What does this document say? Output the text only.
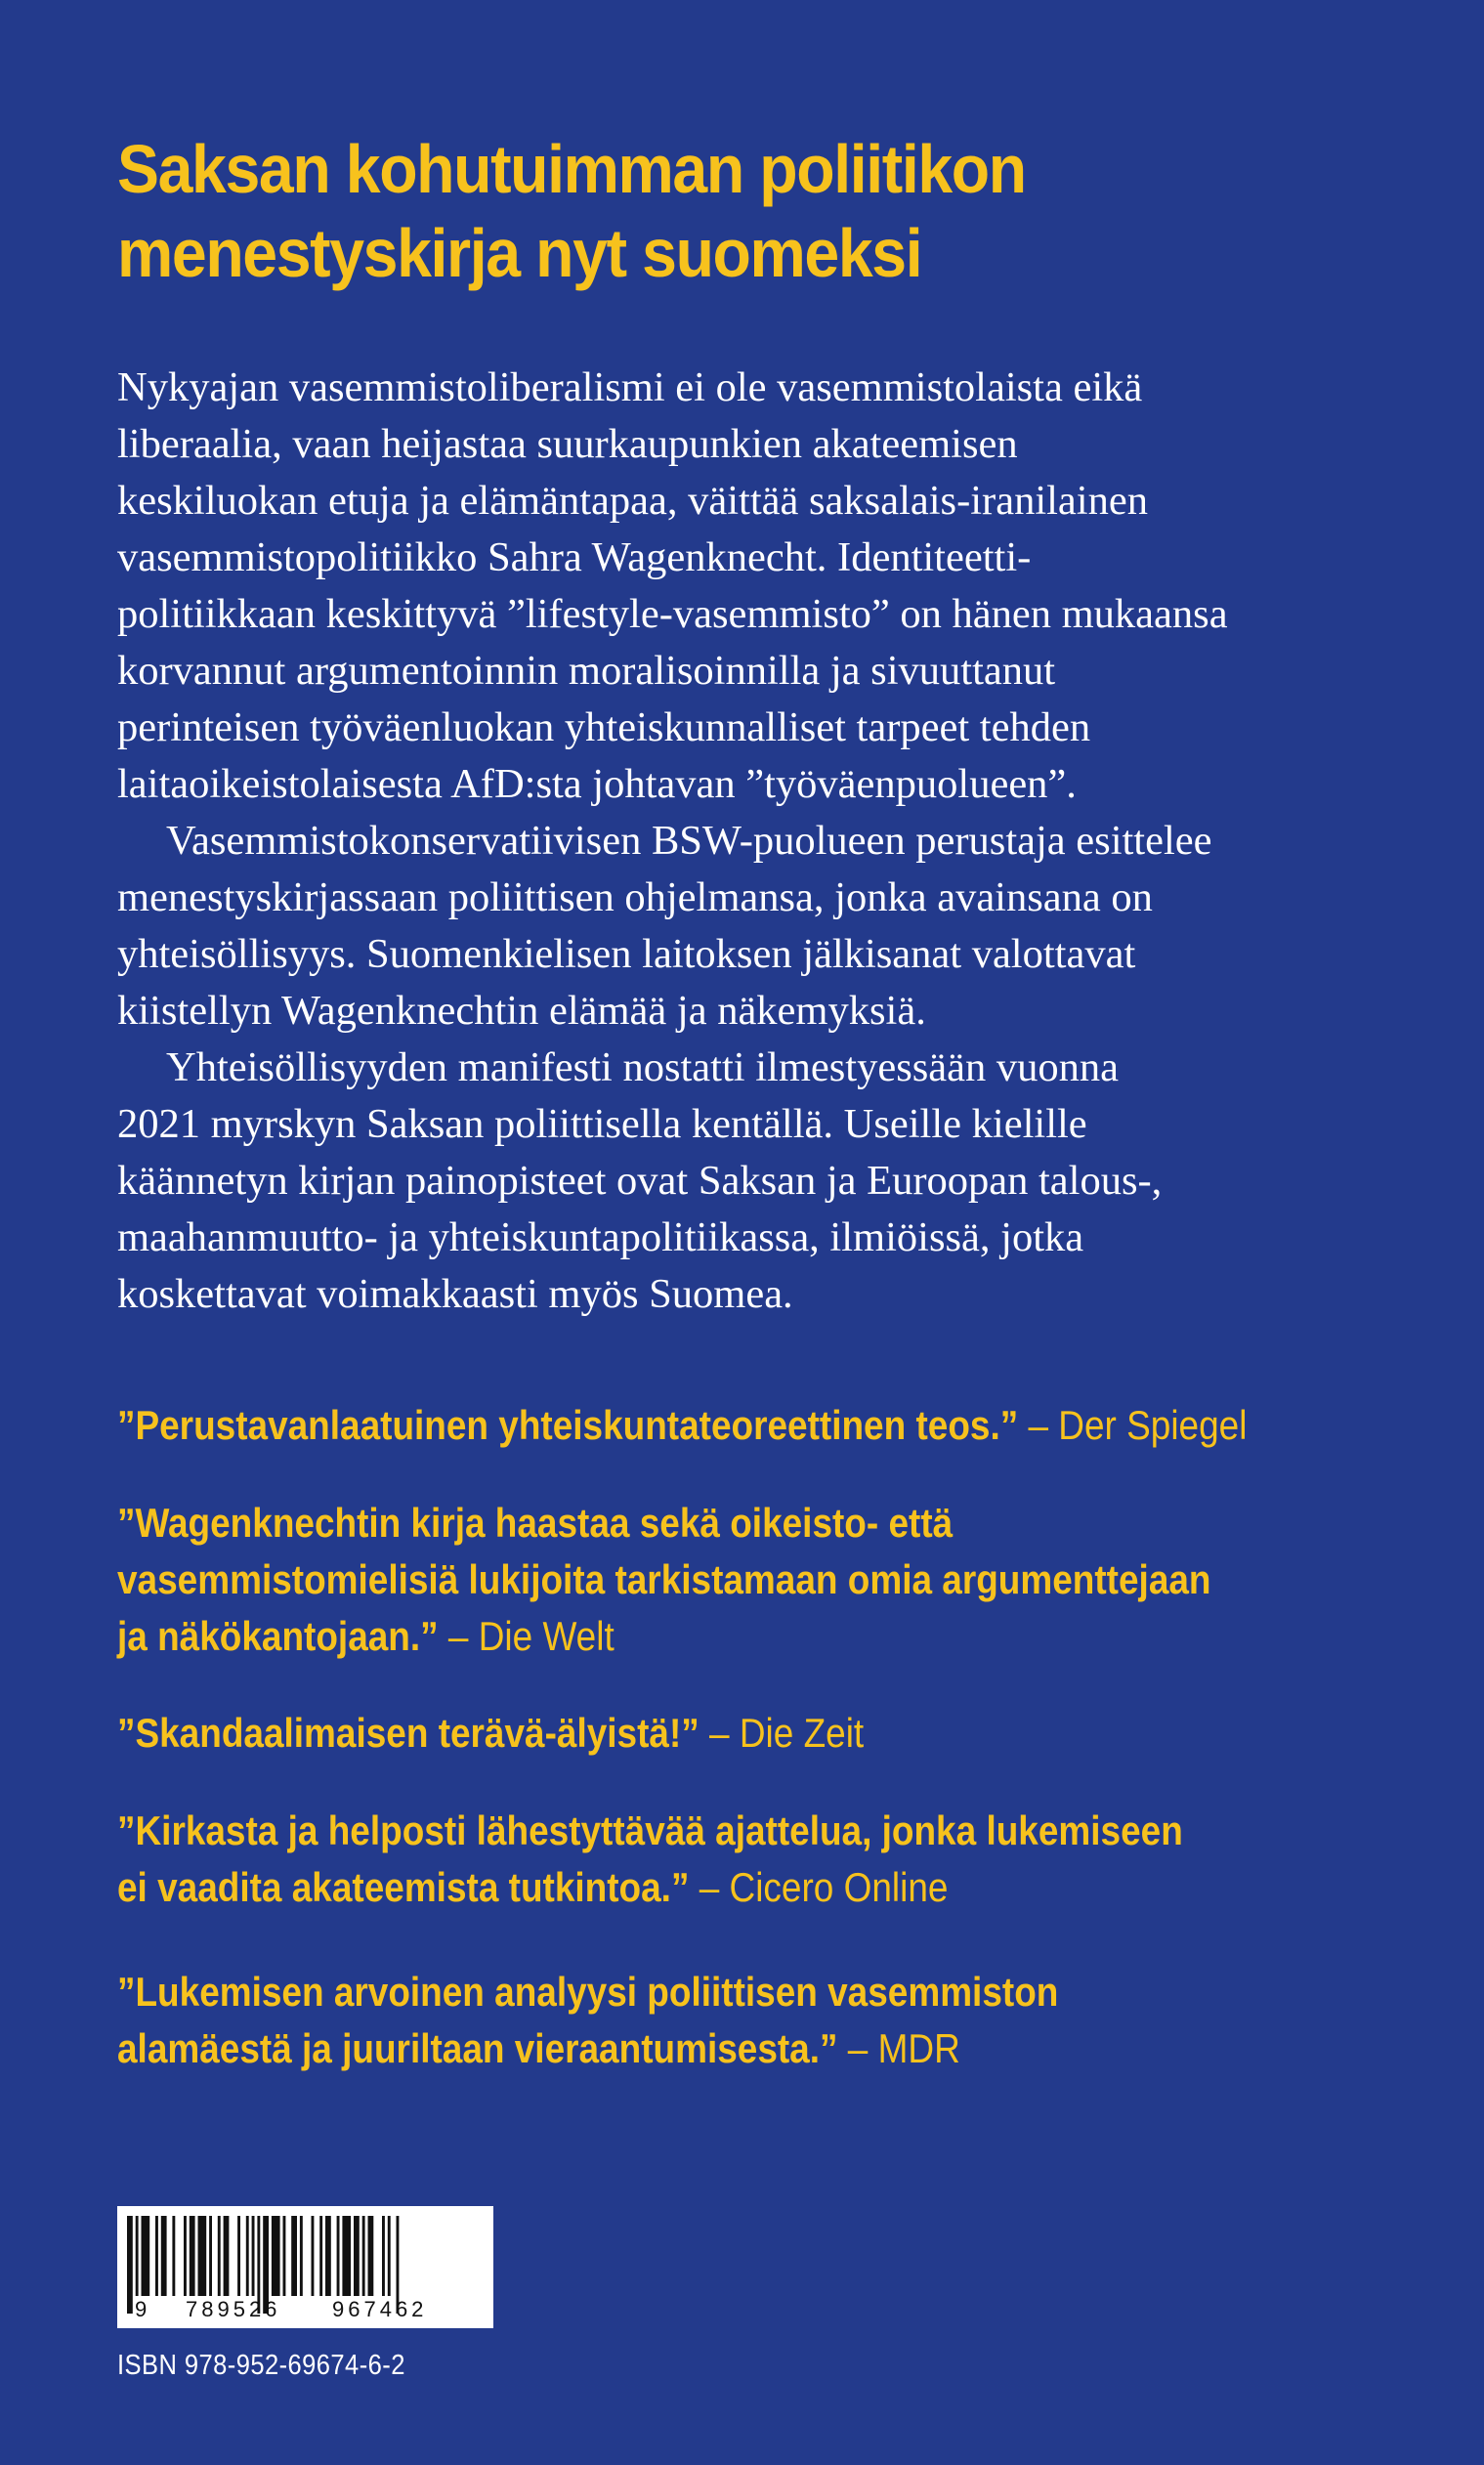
Saksan kohutuimman poliitikon
menestyskirja nyt suomeksi
Nykyajan vasemmistoliberalismi ei ole vasemmistolaista eikä
liberaalia, vaan heijastaa suurkaupunkien akateemisen
keskiluokan etuja ja elämäntapaa, väittää saksalais-iranilainen
vasemmistopolitiikko Sahra Wagenknecht. Identiteetti-
politiikkaan keskittyvä ”lifestyle-vasemmisto” on hänen mukaansa
korvannut argumentoinnin moralisoinnilla ja sivuuttanut
perinteisen työväenluokan yhteiskunnalliset tarpeet tehden
laitaoikeistolaisesta AfD:sta johtavan ”työväenpuolueen”.
Vasemmistokonservatiivisen BSW-puolueen perustaja esittelee
menestyskirjassaan poliittisen ohjelmansa, jonka avainsana on
yhteisöllisyys. Suomenkielisen laitoksen jälkisanat valottavat
kiistellyn Wagenknechtin elämää ja näkemyksiä.
Yhteisöllisyyden manifesti nostatti ilmestyessään vuonna
2021 myrskyn Saksan poliittisella kentällä. Useille kielille
käännetyn kirjan painopisteet ovat Saksan ja Euroopan talous-,
maahanmuutto- ja yhteiskuntapolitiikassa, ilmiöissä, jotka
koskettavat voimakkaasti myös Suomea.
”Perustavanlaatuinen yhteiskuntateoreettinen teos.” – Der Spiegel
”Wagenknechtin kirja haastaa sekä oikeisto- että
vasemmistomielisiä lukijoita tarkistamaan omia argumenttejaan
ja näkökantojaan.” – Die Welt
”Skandaalimaisen terävä-älyistä!” – Die Zeit
”Kirkasta ja helposti lähestyttävää ajattelua, jonka lukemiseen
ei vaadita akateemista tutkintoa.” – Cicero Online
”Lukemisen arvoinen analyysi poliittisen vasemmiston
alamäestä ja juuriltaan vieraantumisesta.” – MDR
9 789526 967462
ISBN 978-952-69674-6-2
